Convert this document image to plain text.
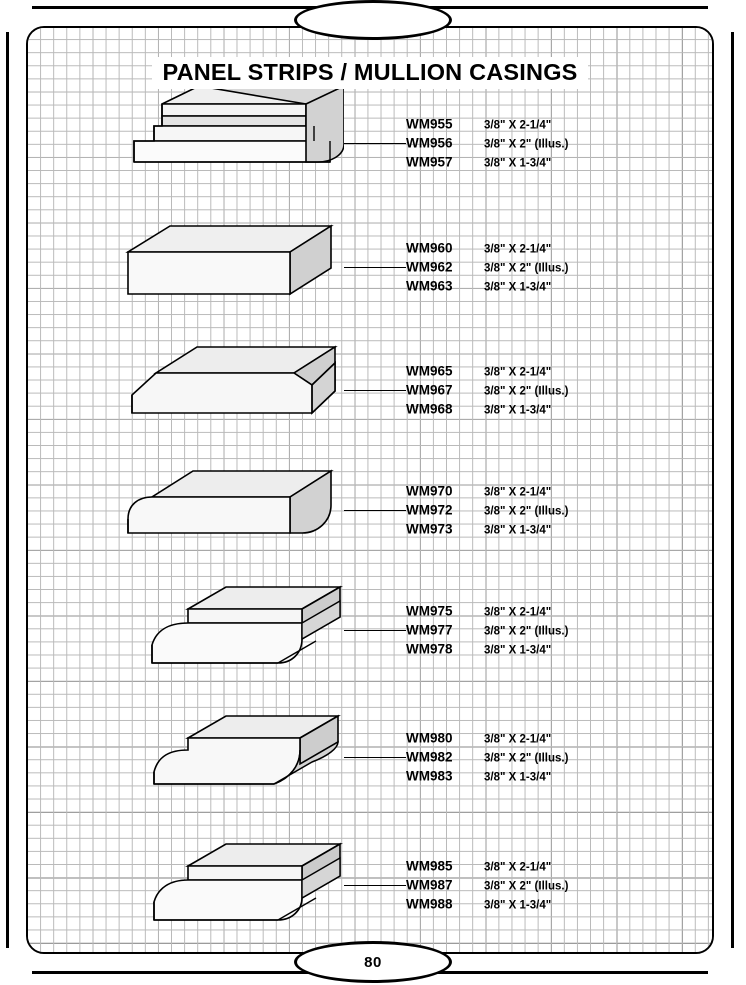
WM955	3/8" X 2-1/4"
WM956	3/8" X 2" (Illus.)
WM957	3/8" X 1-3/4"
WM960	3/8" X 2-1/4"
WM962	3/8" X 2" (Illus.)
WM963	3/8" X 1-3/4"
WM965	3/8" X 2-1/4"
WM967	3/8" X 2" (Illus.)
WM968	3/8" X 1-3/4"
WM970	3/8" X 2-1/4"
WM972	3/8" X 2" (Illus.)
WM973	3/8" X 1-3/4"
WM975	3/8" X 2-1/4"
WM977	3/8" X 2" (Illus.)
WM978	3/8" X 1-3/4"
WM980	3/8" X 2-1/4"
WM982	3/8" X 2" (Illus.)
WM983	3/8" X 1-3/4"
WM985	3/8" X 2-1/4"
WM987	3/8" X 2" (Illus.)
WM988	3/8" X 1-3/4"
PANEL STRIPS / MULLION CASINGS
80
